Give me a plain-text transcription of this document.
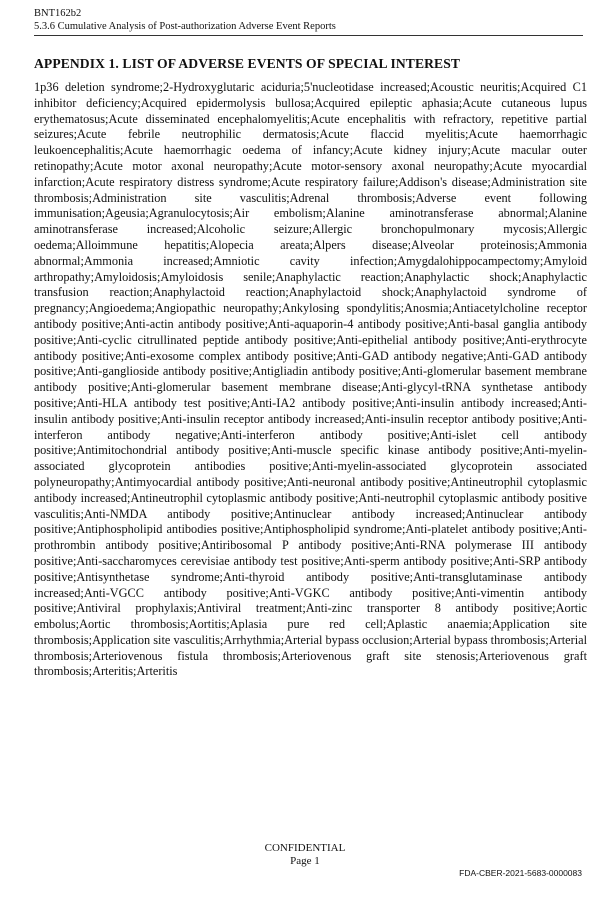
BNT162b2
5.3.6 Cumulative Analysis of Post-authorization Adverse Event Reports
APPENDIX 1. LIST OF ADVERSE EVENTS OF SPECIAL INTEREST

1p36 deletion syndrome;2-Hydroxyglutaric aciduria;5'nucleotidase increased;Acoustic neuritis;Acquired C1 inhibitor deficiency;Acquired epidermolysis bullosa;Acquired epileptic aphasia;Acute cutaneous lupus erythematosus;Acute disseminated encephalomyelitis;Acute encephalitis with refractory, repetitive partial seizures;Acute febrile neutrophilic dermatosis;Acute flaccid myelitis;Acute haemorrhagic leukoencephalitis;Acute haemorrhagic oedema of infancy;Acute kidney injury;Acute macular outer retinopathy;Acute motor axonal neuropathy;Acute motor-sensory axonal neuropathy;Acute myocardial infarction;Acute respiratory distress syndrome;Acute respiratory failure;Addison's disease;Administration site thrombosis;Administration site vasculitis;Adrenal thrombosis;Adverse event following immunisation;Ageusia;Agranulocytosis;Air embolism;Alanine aminotransferase abnormal;Alanine aminotransferase increased;Alcoholic seizure;Allergic bronchopulmonary mycosis;Allergic oedema;Alloimmune hepatitis;Alopecia areata;Alpers disease;Alveolar proteinosis;Ammonia abnormal;Ammonia increased;Amniotic cavity infection;Amygdalohippocampectomy;Amyloid arthropathy;Amyloidosis;Amyloidosis senile;Anaphylactic reaction;Anaphylactic shock;Anaphylactic transfusion reaction;Anaphylactoid reaction;Anaphylactoid shock;Anaphylactoid syndrome of pregnancy;Angioedema;Angiopathic neuropathy;Ankylosing spondylitis;Anosmia;Antiacetylcholine receptor antibody positive;Anti-actin antibody positive;Anti-aquaporin-4 antibody positive;Anti-basal ganglia antibody positive;Anti-cyclic citrullinated peptide antibody positive;Anti-epithelial antibody positive;Anti-erythrocyte antibody positive;Anti-exosome complex antibody positive;Anti-GAD antibody negative;Anti-GAD antibody positive;Anti-ganglioside antibody positive;Antigliadin antibody positive;Anti-glomerular basement membrane antibody positive;Anti-glomerular basement membrane disease;Anti-glycyl-tRNA synthetase antibody positive;Anti-HLA antibody test positive;Anti-IA2 antibody positive;Anti-insulin antibody increased;Anti-insulin antibody positive;Anti-insulin receptor antibody increased;Anti-insulin receptor antibody positive;Anti-interferon antibody negative;Anti-interferon antibody positive;Anti-islet cell antibody positive;Antimitochondrial antibody positive;Anti-muscle specific kinase antibody positive;Anti-myelin-associated glycoprotein antibodies positive;Anti-myelin-associated glycoprotein associated polyneuropathy;Antimyocardial antibody positive;Anti-neuronal antibody positive;Antineutrophil cytoplasmic antibody increased;Antineutrophil cytoplasmic antibody positive;Anti-neutrophil cytoplasmic antibody positive vasculitis;Anti-NMDA antibody positive;Antinuclear antibody increased;Antinuclear antibody positive;Antiphospholipid antibodies positive;Antiphospholipid syndrome;Anti-platelet antibody positive;Anti-prothrombin antibody positive;Antiribosomal P antibody positive;Anti-RNA polymerase III antibody positive;Anti-saccharomyces cerevisiae antibody test positive;Anti-sperm antibody positive;Anti-SRP antibody positive;Antisynthetase syndrome;Anti-thyroid antibody positive;Anti-transglutaminase antibody increased;Anti-VGCC antibody positive;Anti-VGKC antibody positive;Anti-vimentin antibody positive;Antiviral prophylaxis;Antiviral treatment;Anti-zinc transporter 8 antibody positive;Aortic embolus;Aortic thrombosis;Aortitis;Aplasia pure red cell;Aplastic anaemia;Application site thrombosis;Application site vasculitis;Arrhythmia;Arterial bypass occlusion;Arterial bypass thrombosis;Arterial thrombosis;Arteriovenous fistula thrombosis;Arteriovenous graft site stenosis;Arteriovenous graft thrombosis;Arteritis;Arteritis

CONFIDENTIAL
Page 1
FDA-CBER-2021-5683-0000083
